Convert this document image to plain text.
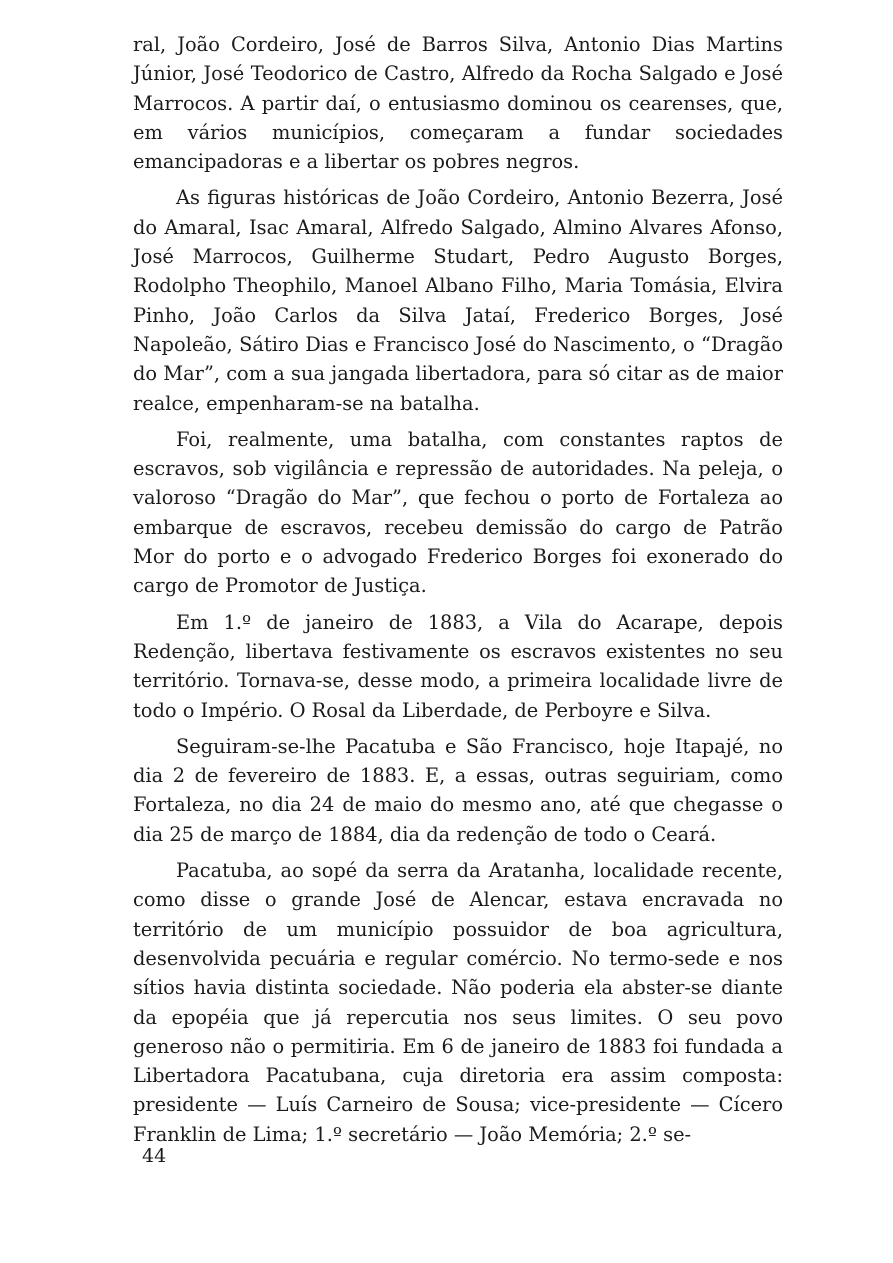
ral, João Cordeiro, José de Barros Silva, Antonio Dias Martins Júnior, José Teodorico de Castro, Alfredo da Rocha Salgado e José Marrocos. A partir daí, o entusiasmo dominou os cearenses, que, em vários municípios, começaram a fundar sociedades emancipadoras e a libertar os pobres negros.

As figuras históricas de João Cordeiro, Antonio Bezerra, José do Amaral, Isac Amaral, Alfredo Salgado, Almino Alvares Afonso, José Marrocos, Guilherme Studart, Pedro Augusto Borges, Rodolpho Theophilo, Manoel Albano Filho, Maria Tomásia, Elvira Pinho, João Carlos da Silva Jataí, Frederico Borges, José Napoleão, Sátiro Dias e Francisco José do Nascimento, o “Dragão do Mar”, com a sua jangada libertadora, para só citar as de maior realce, empenharam-se na batalha.

Foi, realmente, uma batalha, com constantes raptos de escravos, sob vigilância e repressão de autoridades. Na peleja, o valoroso “Dragão do Mar”, que fechou o porto de Fortaleza ao embarque de escravos, recebeu demissão do cargo de Patrão Mor do porto e o advogado Frederico Borges foi exonerado do cargo de Promotor de Justiça.

Em 1.º de janeiro de 1883, a Vila do Acarape, depois Redenção, libertava festivamente os escravos existentes no seu território. Tornava-se, desse modo, a primeira localidade livre de todo o Império. O Rosal da Liberdade, de Perboyre e Silva.

Seguiram-se-lhe Pacatuba e São Francisco, hoje Itapajé, no dia 2 de fevereiro de 1883. E, a essas, outras seguiriam, como Fortaleza, no dia 24 de maio do mesmo ano, até que chegasse o dia 25 de março de 1884, dia da redenção de todo o Ceará.

Pacatuba, ao sopé da serra da Aratanha, localidade recente, como disse o grande José de Alencar, estava encravada no território de um município possuidor de boa agricultura, desenvolvida pecuária e regular comércio. No termo-sede e nos sítios havia distinta sociedade. Não poderia ela abster-se diante da epopéia que já repercutia nos seus limites. O seu povo generoso não o permitiria. Em 6 de janeiro de 1883 foi fundada a Libertadora Pacatubana, cuja diretoria era assim composta: presidente — Luís Carneiro de Sousa; vice-presidente — Cícero Franklin de Lima; 1.º secretário — João Memória; 2.º se-

44
